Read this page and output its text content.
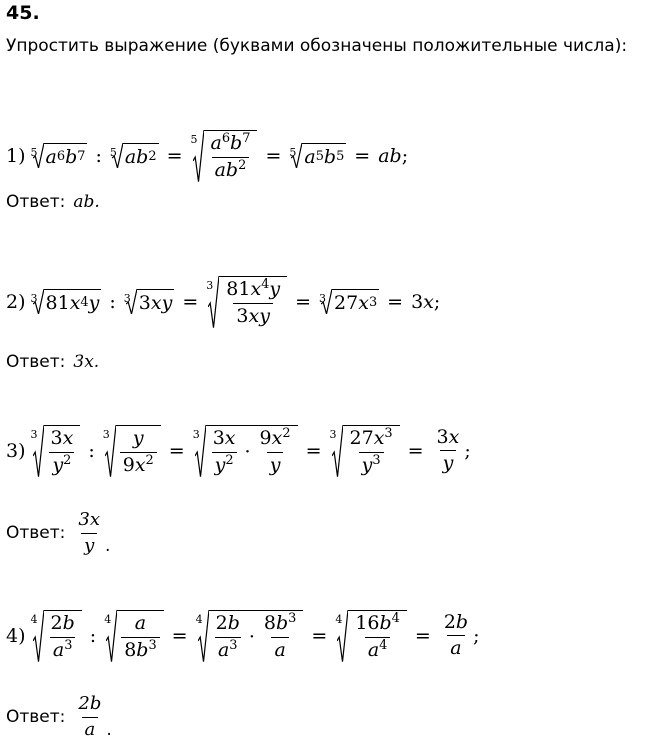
45.
Упростить выражение (буквами обозначены положительные числа):
1) 5 a 6 b 7 : 5 ab 2 =
$5 \frac{a^6b^7}{ab^2} = 5$ a 5 b 5 = ab ;
Ответ: ab.
2) 3 81 x 4 y : 3 3 xy =
$3 \frac{81x^4y}{3xy} = 3$ 27 x 3 = 3 x ;
Ответ: 3x.
3)
$3 \frac{3x}{y^2}$ :
$3 \frac{y}{9x^2}$ =
$3 \frac{3x}{y^2} \cdot \frac{9x^2}{y}$ =
$3 \frac{27x^3}{y^3} = \frac{3x}{y}$ ;
Ответ: $\frac{3x}{y}$ .
4)
$4 \frac{2b}{a^3}$ :
$4 \frac{a}{8b^3}$ =
$4 \frac{2b}{a^3} \cdot \frac{8b^3}{a}$ =
$4 \frac{16b^4}{a^4} = \frac{2b}{a}$ ;
Ответ: $\frac{2b}{a}$ .
